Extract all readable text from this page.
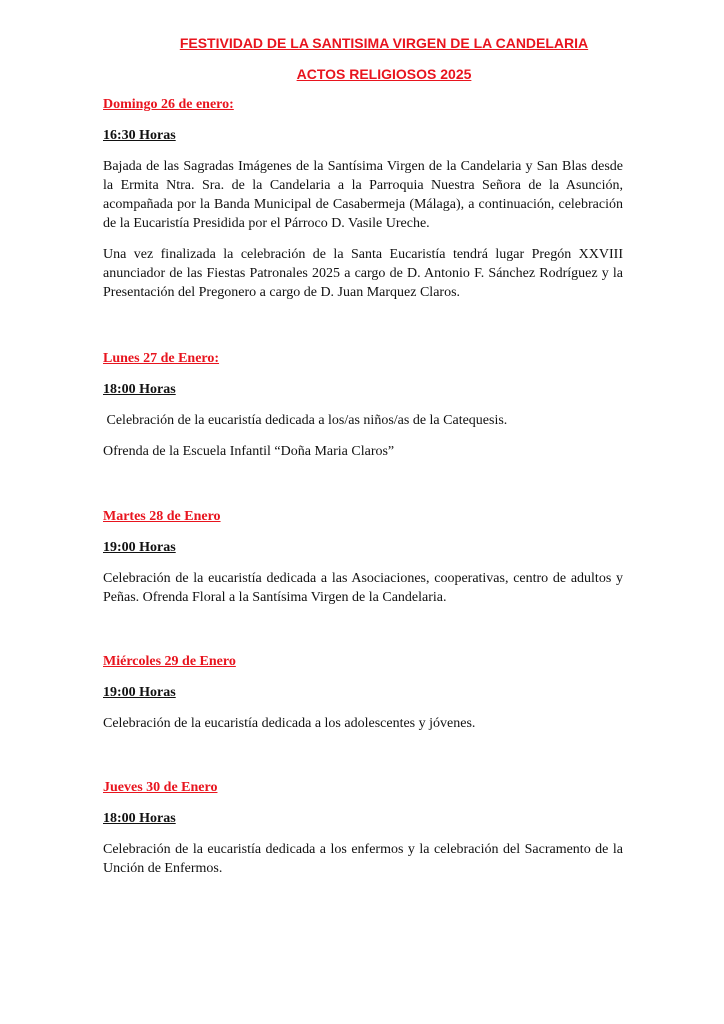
FESTIVIDAD DE LA SANTISIMA VIRGEN DE LA CANDELARIA
ACTOS RELIGIOSOS 2025
Domingo 26 de enero:
16:30 Horas
Bajada de las Sagradas Imágenes de la Santísima Virgen de la Candelaria y San Blas desde la Ermita Ntra. Sra. de la Candelaria a la Parroquia Nuestra Señora de la Asunción, acompañada por la Banda Municipal de Casabermeja (Málaga), a continuación, celebración de la Eucaristía Presidida por el Párroco D. Vasile Ureche.
Una vez finalizada la celebración de la Santa Eucaristía tendrá lugar Pregón XXVIII anunciador de las Fiestas Patronales 2025 a cargo de D. Antonio F. Sánchez Rodríguez y la Presentación del Pregonero a cargo de D. Juan Marquez Claros.
Lunes 27 de Enero:
18:00 Horas
Celebración de la eucaristía dedicada a los/as niños/as de la Catequesis.
Ofrenda de la Escuela Infantil “Doña Maria Claros”
Martes 28 de Enero
19:00 Horas
Celebración de la eucaristía dedicada a las Asociaciones, cooperativas, centro de adultos y Peñas. Ofrenda Floral a la Santísima Virgen de la Candelaria.
Miércoles 29 de Enero
19:00 Horas
Celebración de la eucaristía dedicada a los adolescentes y jóvenes.
Jueves 30 de Enero
18:00 Horas
Celebración de la eucaristía dedicada a los enfermos y la celebración del Sacramento de la Unción de Enfermos.
